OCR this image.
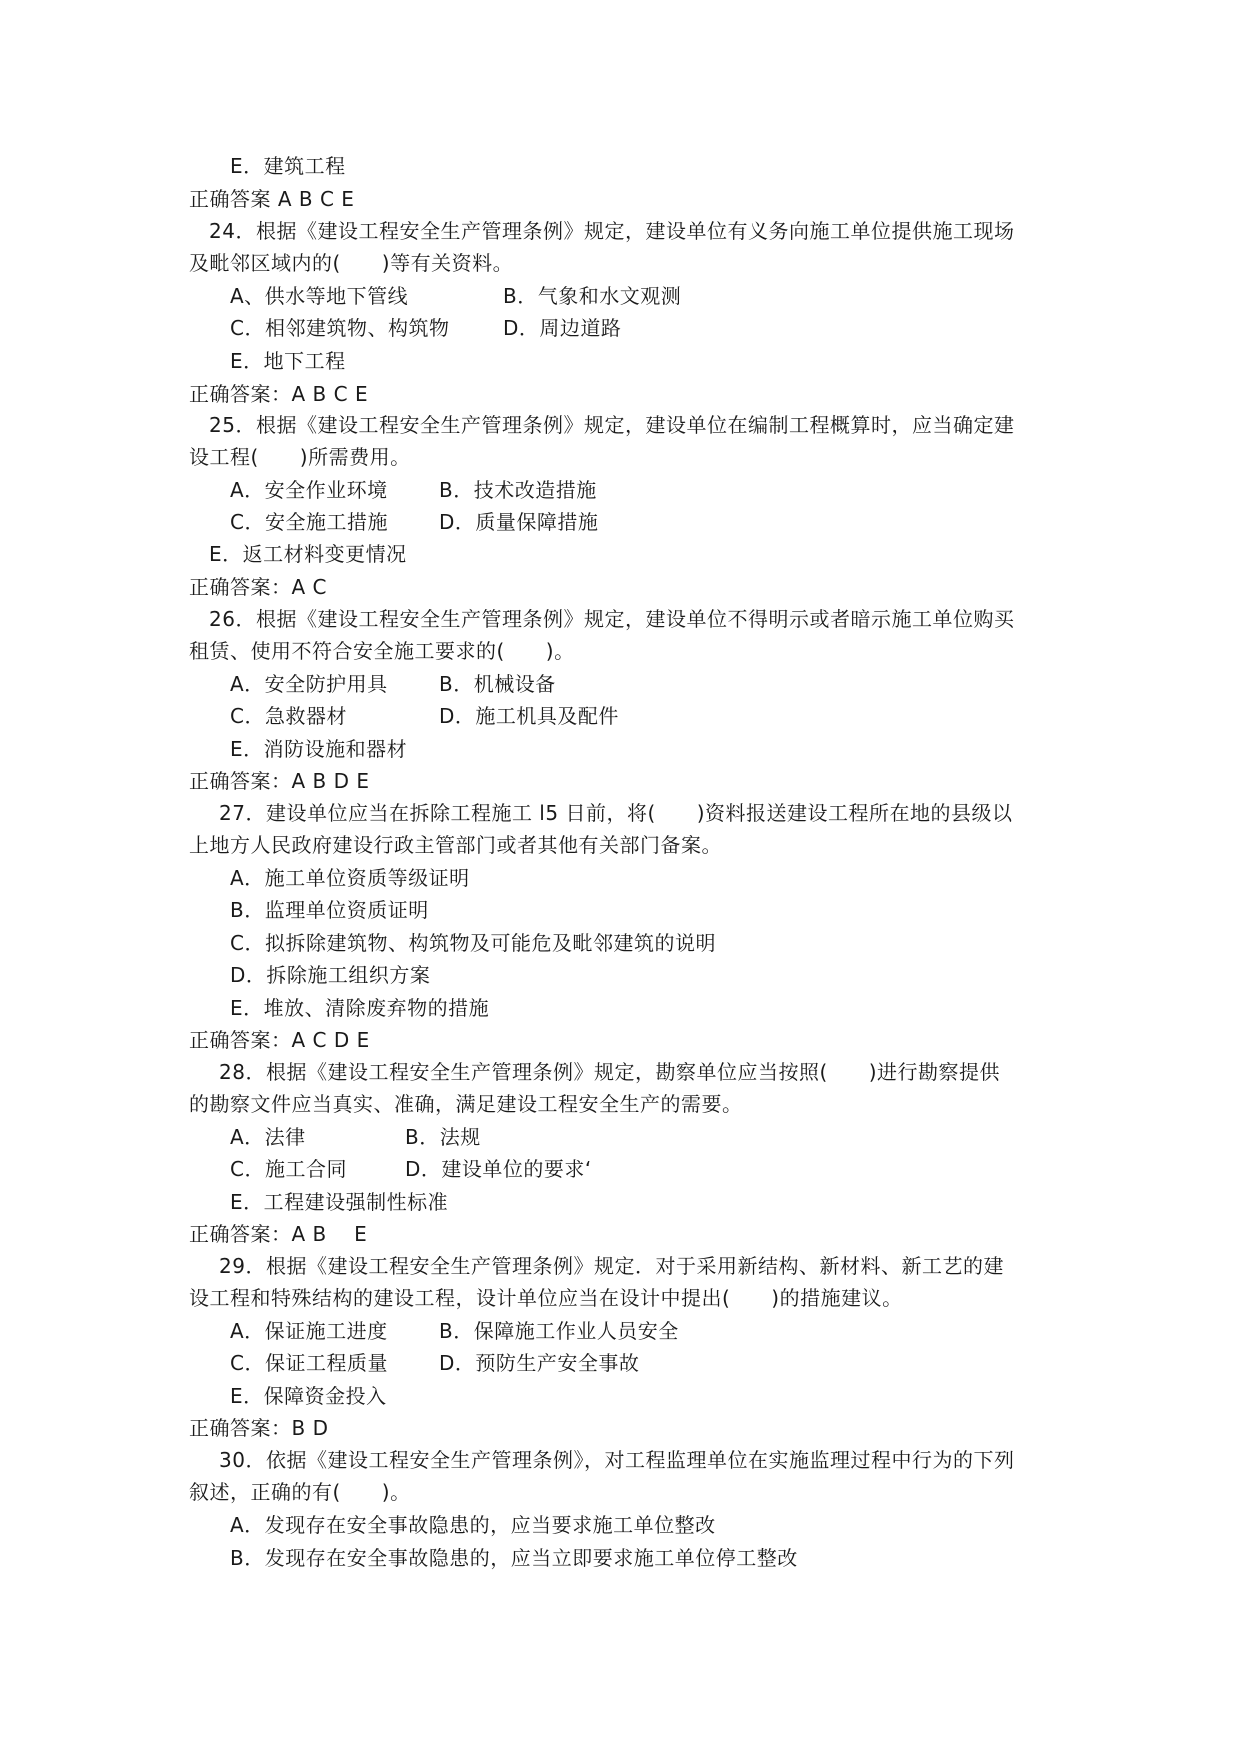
E．建筑工程
正确答案 A B C E
24．根据《建设工程安全生产管理条例》规定，建设单位有义务向施工单位提供施工现场
及毗邻区域内的(　　)等有关资料。
A、供水等地下管线	B．气象和水文观测
C．相邻建筑物、构筑物	D．周边道路
E．地下工程
正确答案：A B C E
25．根据《建设工程安全生产管理条例》规定，建设单位在编制工程概算时，应当确定建
设工程(　　)所需费用。
A．安全作业环境	B．技术改造措施
C．安全施工措施	D．质量保障措施
E．返工材料变更情况
正确答案：A C
26．根据《建设工程安全生产管理条例》规定，建设单位不得明示或者暗示施工单位购买
租赁、使用不符合安全施工要求的(　　)。
A．安全防护用具	B．机械设备
C．急救器材	D．施工机具及配件
E．消防设施和器材
正确答案：A B D E
27．建设单位应当在拆除工程施工 l5 日前，将(　　)资料报送建设工程所在地的县级以
上地方人民政府建设行政主管部门或者其他有关部门备案。
A．施工单位资质等级证明
B．监理单位资质证明
C．拟拆除建筑物、构筑物及可能危及毗邻建筑的说明
D．拆除施工组织方案
E．堆放、清除废弃物的措施
正确答案：A C D E
28．根据《建设工程安全生产管理条例》规定，勘察单位应当按照(　　)进行勘察提供
的勘察文件应当真实、准确，满足建设工程安全生产的需要。
A．法律	B．法规
C．施工合同	D．建设单位的要求‘
E．工程建设强制性标准
正确答案：A B　 E
29．根据《建设工程安全生产管理条例》规定．对于采用新结构、新材料、新工艺的建
设工程和特殊结构的建设工程，设计单位应当在设计中提出(　　)的措施建议。
A．保证施工进度	B．保障施工作业人员安全
C．保证工程质量	D．预防生产安全事故
E．保障资金投入
正确答案：B D
30．依据《建设工程安全生产管理条例》，对工程监理单位在实施监理过程中行为的下列
叙述，正确的有(　　)。
A．发现存在安全事故隐患的，应当要求施工单位整改
B．发现存在安全事故隐患的，应当立即要求施工单位停工整改
